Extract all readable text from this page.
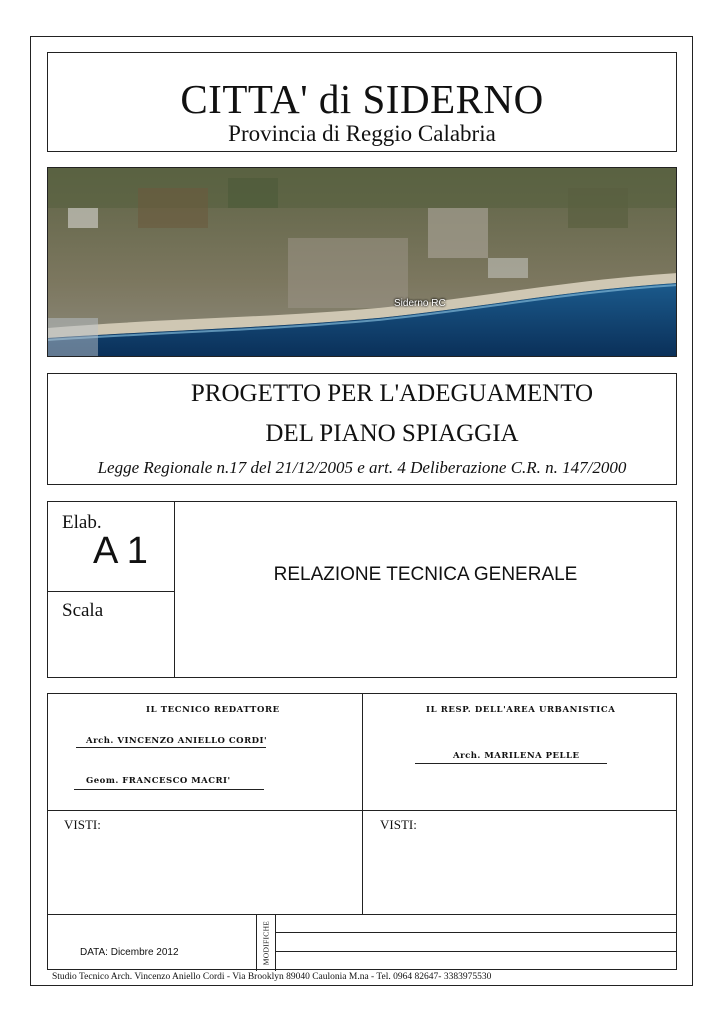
CITTA' di SIDERNO
Provincia di Reggio Calabria
Siderno RC
PROGETTO PER L'ADEGUAMENTO
DEL PIANO SPIAGGIA
Legge Regionale n.17 del 21/12/2005 e art. 4 Deliberazione C.R. n. 147/2000
Elab.
A 1
Scala
RELAZIONE TECNICA GENERALE
IL TECNICO REDATTORE
Arch. VINCENZO ANIELLO CORDI'
Geom. FRANCESCO MACRI'
IL RESP. DELL'AREA URBANISTICA
Arch. MARILENA PELLE
VISTI:	VISTI:
MODIFICHE
DATA: Dicembre 2012
Studio Tecnico Arch. Vincenzo Aniello Cordi - Via Brooklyn 89040 Caulonia M.na - Tel. 0964 82647- 3383975530
